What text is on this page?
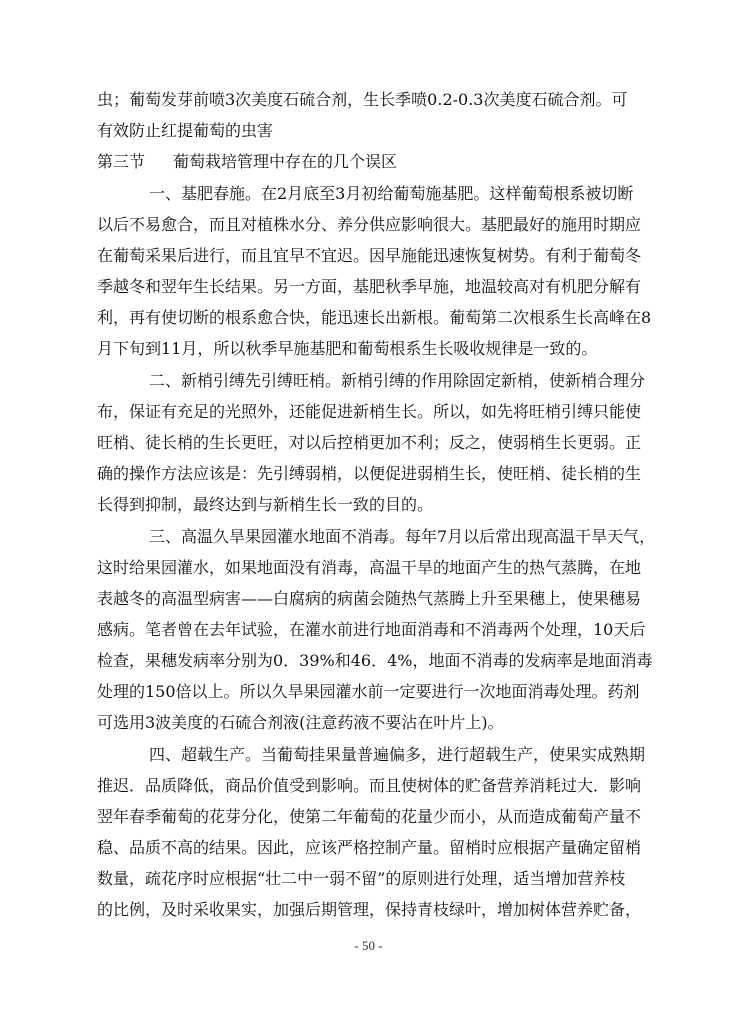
虫；葡萄发芽前喷3次美度石硫合剂，生长季喷0.2-0.3次美度石硫合剂。可
有效防止红提葡萄的虫害
第三节 葡萄栽培管理中存在的几个误区
一、基肥春施。在2月底至3月初给葡萄施基肥。这样葡萄根系被切断
以后不易愈合，而且对植株水分、养分供应影响很大。基肥最好的施用时期应
在葡萄采果后进行，而且宜早不宜迟。因早施能迅速恢复树势。有利于葡萄冬
季越冬和翌年生长结果。另一方面，基肥秋季早施，地温较高对有机肥分解有
利，再有使切断的根系愈合快，能迅速长出新根。葡萄第二次根系生长高峰在8
月下旬到11月，所以秋季早施基肥和葡萄根系生长吸收规律是一致的。
二、新梢引缚先引缚旺梢。新梢引缚的作用除固定新梢，使新梢合理分
布，保证有充足的光照外，还能促进新梢生长。所以，如先将旺梢引缚只能使
旺梢、徒长梢的生长更旺，对以后控梢更加不利；反之，使弱梢生长更弱。正
确的操作方法应该是：先引缚弱梢，以便促进弱梢生长，使旺梢、徒长梢的生
长得到抑制，最终达到与新梢生长一致的目的。
三、高温久旱果园灌水地面不消毒。每年7月以后常出现高温干旱天气，
这时给果园灌水，如果地面没有消毒，高温干旱的地面产生的热气蒸腾，在地
表越冬的高温型病害——白腐病的病菌会随热气蒸腾上升至果穗上，使果穗易
感病。笔者曾在去年试验，在灌水前进行地面消毒和不消毒两个处理，10天后
检查，果穗发病率分别为0．39%和46．4%，地面不消毒的发病率是地面消毒
处理的150倍以上。所以久旱果园灌水前一定要进行一次地面消毒处理。药剂
可选用3波美度的石硫合剂液(注意药液不要沾在叶片上)。
四、超载生产。当葡萄挂果量普遍偏多，进行超载生产，使果实成熟期
推迟．品质降低，商品价值受到影响。而且使树体的贮备营养消耗过大．影响
翌年春季葡萄的花芽分化，使第二年葡萄的花量少而小，从而造成葡萄产量不
稳、品质不高的结果。因此，应该严格控制产量。留梢时应根据产量确定留梢
数量，疏花序时应根据“壮二中一弱不留”的原则进行处理，适当增加营养枝
的比例，及时采收果实，加强后期管理，保持青枝绿叶，增加树体营养贮备，
- 50 -
